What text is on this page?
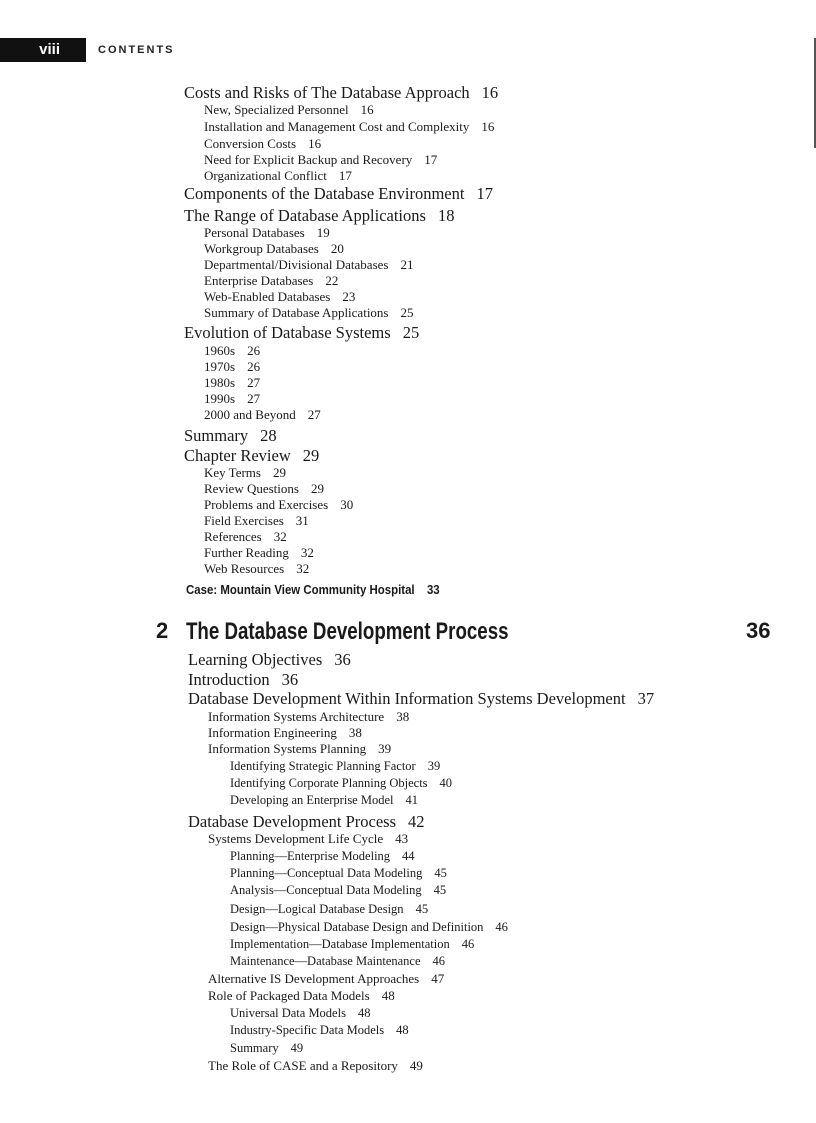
viii	CONTENTS
Costs and Risks of The Database Approach 16
New, Specialized Personnel 16
Installation and Management Cost and Complexity 16
Conversion Costs 16
Need for Explicit Backup and Recovery 17
Organizational Conflict 17
Components of the Database Environment 17
The Range of Database Applications 18
Personal Databases 19
Workgroup Databases 20
Departmental/Divisional Databases 21
Enterprise Databases 22
Web-Enabled Databases 23
Summary of Database Applications 25
Evolution of Database Systems 25
1960s 26
1970s 26
1980s 27
1990s 27
2000 and Beyond 27
Summary 28
Chapter Review 29
Key Terms 29
Review Questions 29
Problems and Exercises 30
Field Exercises 31
References 32
Further Reading 32
Web Resources 32
Case: Mountain View Community Hospital 33
2 The Database Development Process	36
Learning Objectives 36
Introduction 36
Database Development Within Information Systems Development 37
Information Systems Architecture 38
Information Engineering 38
Information Systems Planning 39
Identifying Strategic Planning Factor 39
Identifying Corporate Planning Objects 40
Developing an Enterprise Model 41
Database Development Process 42
Systems Development Life Cycle 43
Planning—Enterprise Modeling 44
Planning—Conceptual Data Modeling 45
Analysis—Conceptual Data Modeling 45
Design—Logical Database Design 45
Design—Physical Database Design and Definition 46
Implementation—Database Implementation 46
Maintenance—Database Maintenance 46
Alternative IS Development Approaches 47
Role of Packaged Data Models 48
Universal Data Models 48
Industry-Specific Data Models 48
Summary 49
The Role of CASE and a Repository 49
